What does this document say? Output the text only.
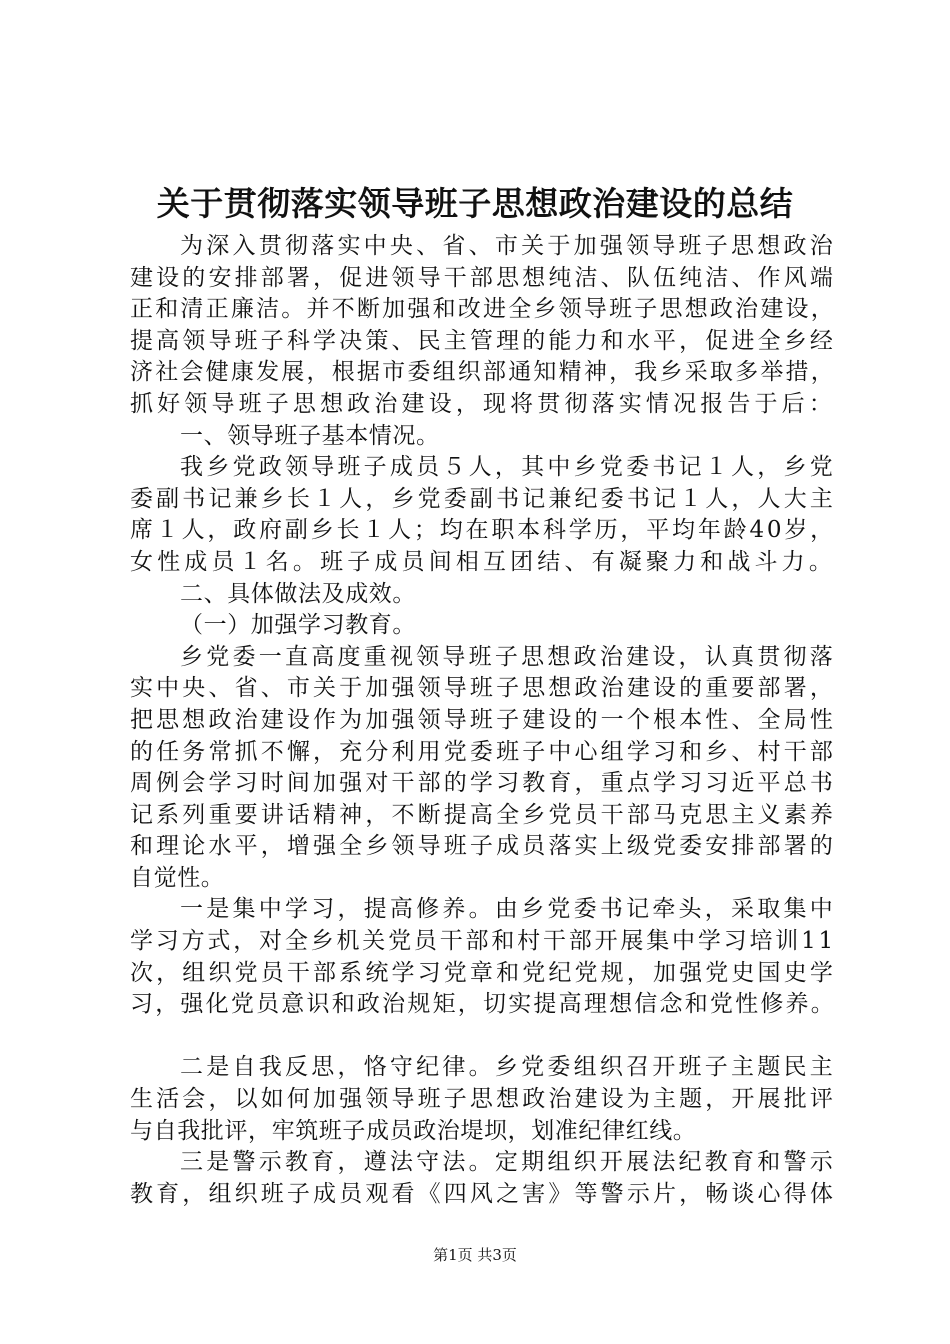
关于贯彻落实领导班子思想政治建设的总结
为深入贯彻落实中央、省、市关于加强领导班子思想政治
建设的安排部署，促进领导干部思想纯洁、队伍纯洁、作风端
正和清正廉洁。并不断加强和改进全乡领导班子思想政治建设，
提高领导班子科学决策、民主管理的能力和水平，促进全乡经
济社会健康发展，根据市委组织部通知精神，我乡采取多举措，
抓好领导班子思想政治建设，现将贯彻落实情况报告于后：
一、领导班子基本情况。
我乡党政领导班子成员５人，其中乡党委书记１人，乡党
委副书记兼乡长１人，乡党委副书记兼纪委书记１人，人大主
席１人，政府副乡长１人；均在职本科学历，平均年龄40岁，
女性成员１名。班子成员间相互团结、有凝聚力和战斗力。
二、具体做法及成效。
（一）加强学习教育。
乡党委一直高度重视领导班子思想政治建设，认真贯彻落
实中央、省、市关于加强领导班子思想政治建设的重要部署，
把思想政治建设作为加强领导班子建设的一个根本性、全局性
的任务常抓不懈，充分利用党委班子中心组学习和乡、村干部
周例会学习时间加强对干部的学习教育，重点学习习近平总书
记系列重要讲话精神，不断提高全乡党员干部马克思主义素养
和理论水平，增强全乡领导班子成员落实上级党委安排部署的
自觉性。
一是集中学习，提高修养。由乡党委书记牵头，采取集中
学习方式，对全乡机关党员干部和村干部开展集中学习培训11
次，组织党员干部系统学习党章和党纪党规，加强党史国史学
习，强化党员意识和政治规矩，切实提高理想信念和党性修养。
二是自我反思，恪守纪律。乡党委组织召开班子主题民主
生活会，以如何加强领导班子思想政治建设为主题，开展批评
与自我批评，牢筑班子成员政治堤坝，划准纪律红线。
三是警示教育，遵法守法。定期组织开展法纪教育和警示
教育，组织班子成员观看《四风之害》等警示片，畅谈心得体
第1页 共3页
